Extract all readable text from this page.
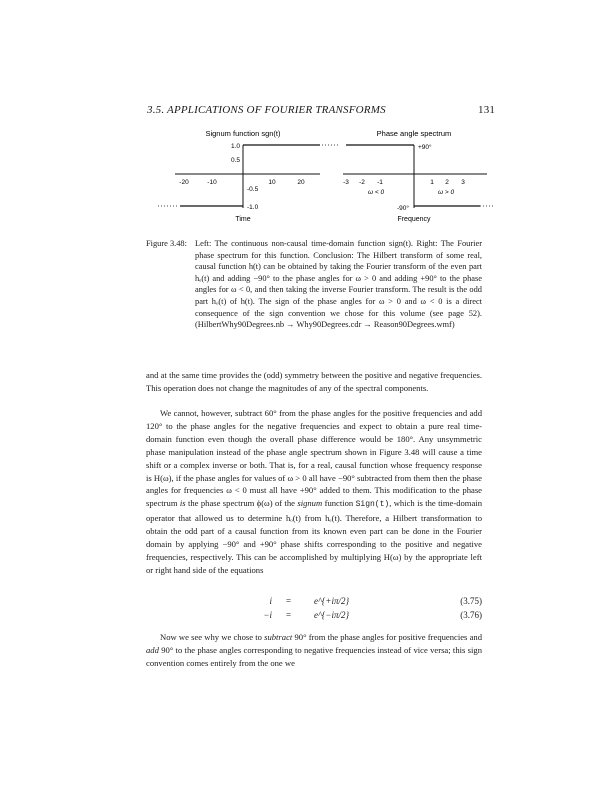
3.5. APPLICATIONS OF FOURIER TRANSFORMS	131
Signum function sgn(t)
1.0
0.5
-0.5
-1.0
-20	-10	10	20
Time
Phase angle spectrum
+90°
-90°
-3 -2 -1	1 2 3
ω < 0	ω > 0
Frequency
Figure 3.48: Left: The continuous non-causal time-domain function sign(t). Right: The Fourier phase spectrum for this function. Conclusion: The Hilbert transform of some real, causal function h(t) can be obtained by taking the Fourier transform of the even part hₑ(t) and adding −90° to the phase angles for ω > 0 and adding +90° to the phase angles for ω < 0, and then taking the inverse Fourier transform. The result is the odd part hₒ(t) of h(t). The sign of the phase angles for ω > 0 and ω < 0 is a direct consequence of the sign convention we chose for this volume (see page 52). (HilbertWhy90Degrees.nb → Why90Degrees.cdr → Reason90Degrees.wmf)
and at the same time provides the (odd) symmetry between the positive and negative frequencies. This operation does not change the magnitudes of any of the spectral components.
We cannot, however, subtract 60° from the phase angles for the positive frequencies and add 120° to the phase angles for the negative frequencies and expect to obtain a pure real time-domain function even though the overall phase difference would be 180°. Any unsymmetric phase manipulation instead of the phase angle spectrum shown in Figure 3.48 will cause a time shift or a complex inverse or both. That is, for a real, causal function whose frequency response is H(ω), if the phase angles for values of ω > 0 all have −90° subtracted from them then the phase angles for frequencies ω < 0 must all have +90° added to them. This modification to the phase spectrum is the phase spectrum ϕ(ω) of the signum function Sign(t), which is the time-domain operator that allowed us to determine hₒ(t) from hₑ(t). Therefore, a Hilbert transformation to obtain the odd part of a causal function from its known even part can be done in the Fourier domain by applying −90° and +90° phase shifts corresponding to the positive and negative frequencies, respectively. This can be accomplished by multiplying H(ω) by the appropriate left or right hand side of the equations
i =	e^{+iπ/2}	(3.75)
−i =	e^{−iπ/2}	(3.76)
Now we see why we chose to subtract 90° from the phase angles for positive frequencies and add 90° to the phase angles corresponding to negative frequencies instead of vice versa; this sign convention comes entirely from the one we
